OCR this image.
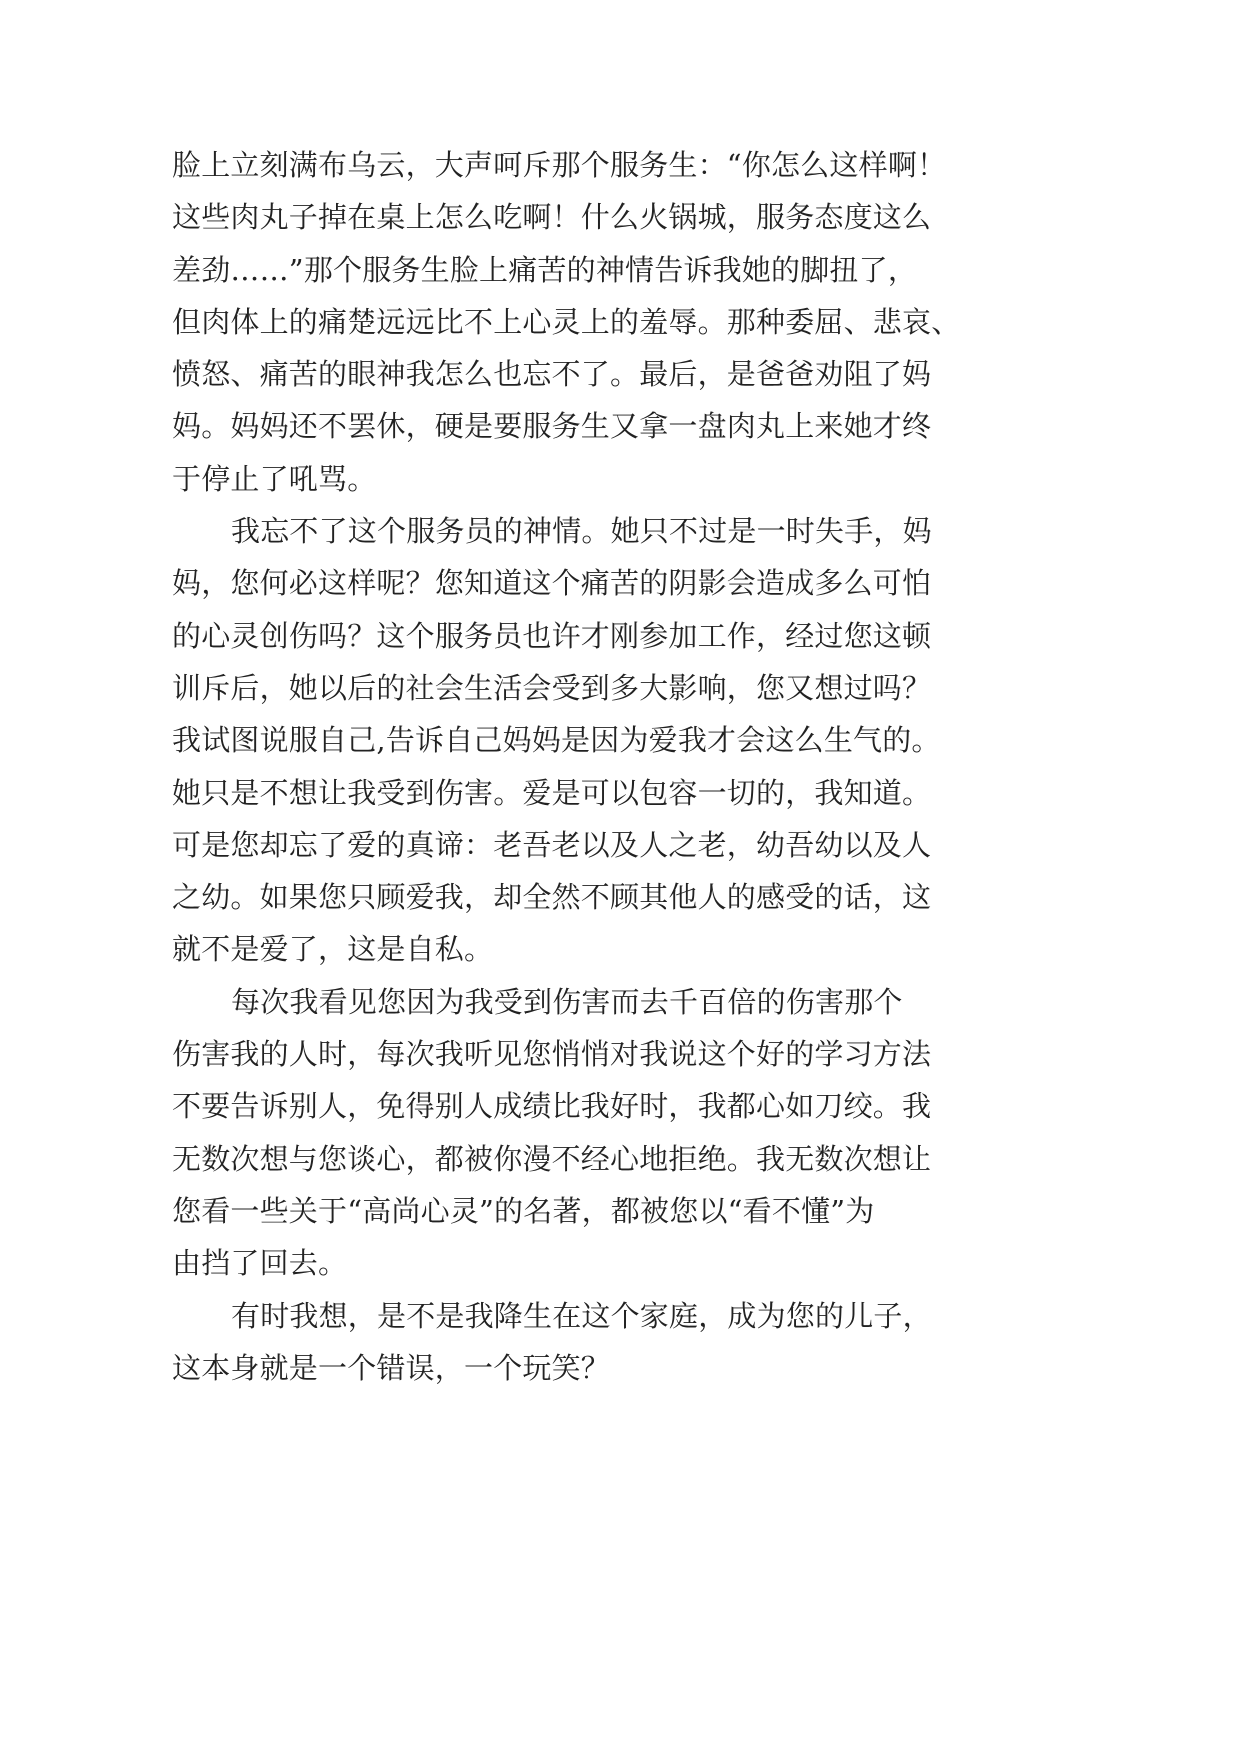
脸上立刻满布乌云，大声呵斥那个服务生：“你怎么这样啊！
这些肉丸子掉在桌上怎么吃啊！什么火锅城，服务态度这么
差劲……”那个服务生脸上痛苦的神情告诉我她的脚扭了，
但肉体上的痛楚远远比不上心灵上的羞辱。那种委屈、悲哀、
愤怒、痛苦的眼神我怎么也忘不了。最后，是爸爸劝阻了妈
妈。妈妈还不罢休，硬是要服务生又拿一盘肉丸上来她才终
于停止了吼骂。
我忘不了这个服务员的神情。她只不过是一时失手，妈
妈，您何必这样呢？您知道这个痛苦的阴影会造成多么可怕
的心灵创伤吗？这个服务员也许才刚参加工作，经过您这顿
训斥后，她以后的社会生活会受到多大影响，您又想过吗？
我试图说服自己,告诉自己妈妈是因为爱我才会这么生气的。
她只是不想让我受到伤害。爱是可以包容一切的，我知道。
可是您却忘了爱的真谛：老吾老以及人之老，幼吾幼以及人
之幼。如果您只顾爱我，却全然不顾其他人的感受的话，这
就不是爱了，这是自私。
每次我看见您因为我受到伤害而去千百倍的伤害那个
伤害我的人时，每次我听见您悄悄对我说这个好的学习方法
不要告诉别人，免得别人成绩比我好时，我都心如刀绞。我
无数次想与您谈心，都被你漫不经心地拒绝。我无数次想让
您看一些关于“高尚心灵”的名著，都被您以“看不懂”为
由挡了回去。
有时我想，是不是我降生在这个家庭，成为您的儿子，
这本身就是一个错误，一个玩笑？
